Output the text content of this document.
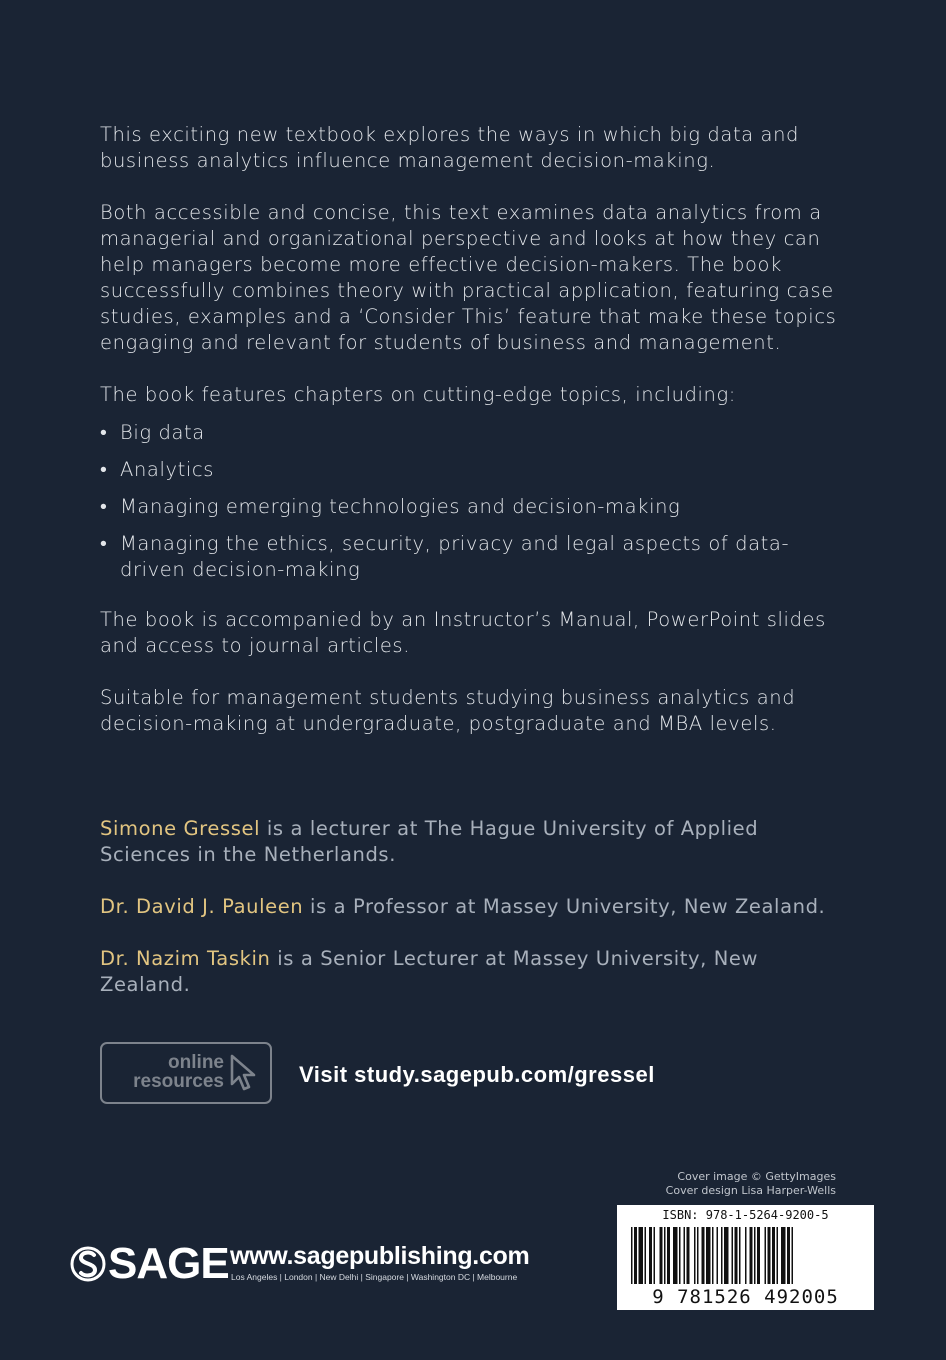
This exciting new textbook explores the ways in which big data and business analytics influence management decision-making.

Both accessible and concise, this text examines data analytics from a managerial and organizational perspective and looks at how they can help managers become more effective decision-makers. The book successfully combines theory with practical application, featuring case studies, examples and a ‘Consider This’ feature that make these topics engaging and relevant for students of business and management.

The book features chapters on cutting-edge topics, including:

• Big data
• Analytics
• Managing emerging technologies and decision-making
• Managing the ethics, security, privacy and legal aspects of data-driven decision-making

The book is accompanied by an Instructor’s Manual, PowerPoint slides and access to journal articles.

Suitable for management students studying business analytics and decision-making at undergraduate, postgraduate and MBA levels.

Simone Gressel is a lecturer at The Hague University of Applied Sciences in the Netherlands.

Dr. David J. Pauleen is a Professor at Massey University, New Zealand.

Dr. Nazim Taskin is a Senior Lecturer at Massey University, New Zealand.

online
resources	Visit study.sagepub.com/gressel
Cover image © GettyImages
Cover design Lisa Harper-Wells
ISBN: 978-1-5264-9200-5
9 781526 492005
SAGE www.sagepublishing.com
Los Angeles | London | New Delhi | Singapore | Washington DC | Melbourne
